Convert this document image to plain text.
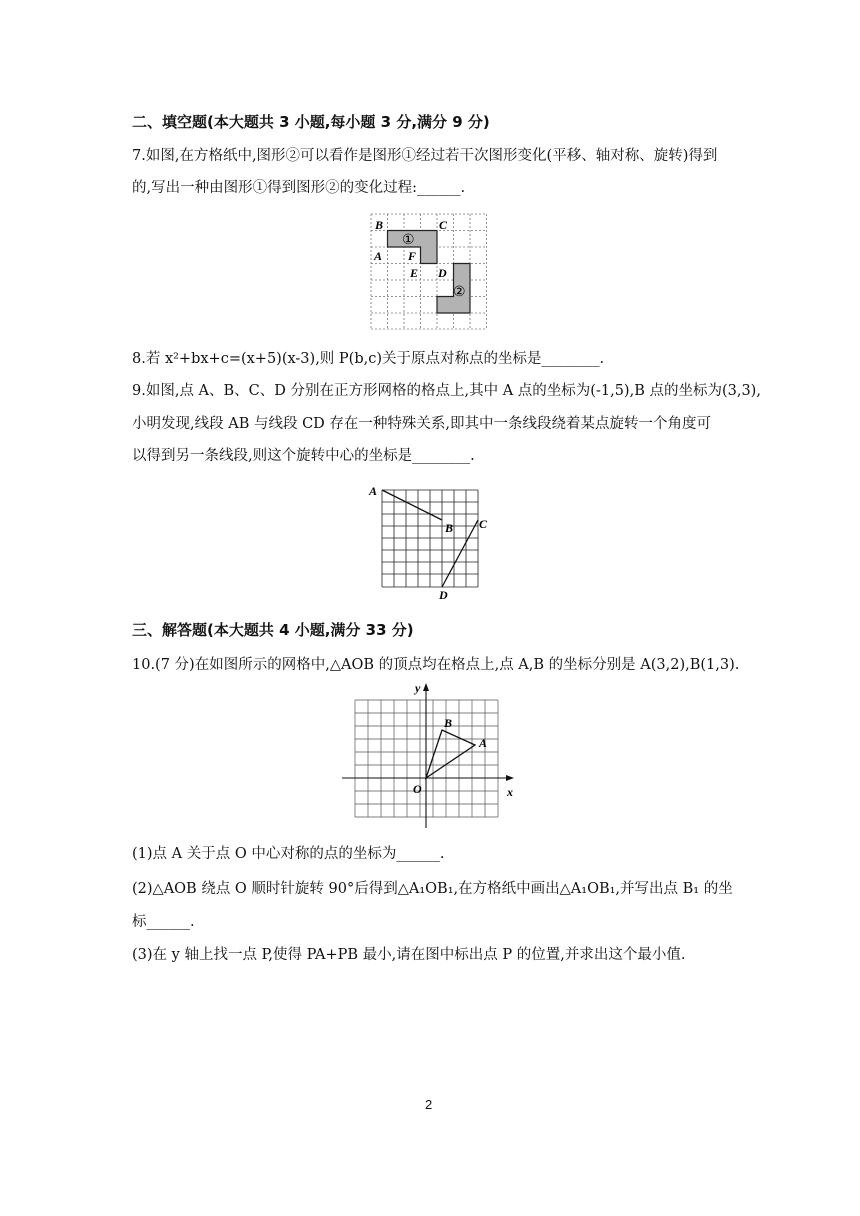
二、填空题(本大题共 3 小题,每小题 3 分,满分 9 分)
7.如图,在方格纸中,图形②可以看作是图形①经过若干次图形变化(平移、轴对称、旋转)得到
的,写出一种由图形①得到图形②的变化过程:______.
①
②
B	C
A F
E D
8.若 x²+bx+c=(x+5)(x-3),则 P(b,c)关于原点对称点的坐标是________.
9.如图,点 A、B、C、D 分别在正方形网格的格点上,其中 A 点的坐标为(-1,5),B 点的坐标为(3,3),
小明发现,线段 AB 与线段 CD 存在一种特殊关系,即其中一条线段绕着某点旋转一个角度可
以得到另一条线段,则这个旋转中心的坐标是________.
A
B C
D
三、解答题(本大题共 4 小题,满分 33 分)
10.(7 分)在如图所示的网格中,△AOB 的顶点均在格点上,点 A,B 的坐标分别是 A(3,2),B(1,3).
y
x
O
A
B
(1)点 A 关于点 O 中心对称的点的坐标为______.
(2)△AOB 绕点 O 顺时针旋转 90°后得到△A₁OB₁,在方格纸中画出△A₁OB₁,并写出点 B₁ 的坐
标______.
(3)在 y 轴上找一点 P,使得 PA+PB 最小,请在图中标出点 P 的位置,并求出这个最小值.
2
